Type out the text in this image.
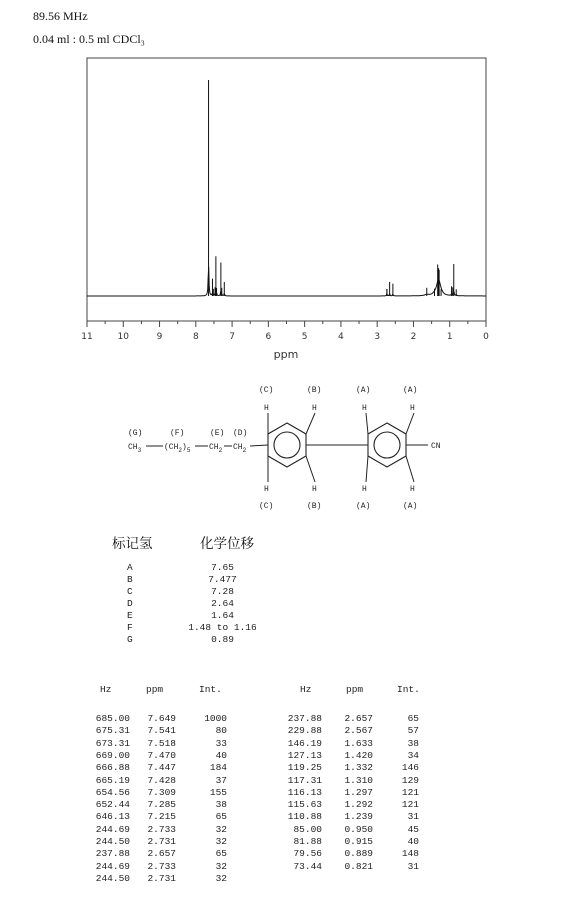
89.56 MHz
0.04 ml : 0.5 ml CDCl₃
11	10	9	8	7	6	5	4	3	2	1	0
ppm
CN
H	H	H	H
H	H	H	H
(C)	(B)	(A)	(A)
(C)	(B)	(A)	(A)
(G)	(F)	(E) (D)
$CH_3$	$(CH_2)_5$ $CH_2$ $CH_2$
标记氢	化学位移
A	7.65
B	7.477
C	7.28
D	2.64
E	1.64
F	1.48 to 1.16
G	0.89
Hz	ppm	Int.	Hz	ppm	Int.
685.00	7.649	1000
675.31	7.541	80
673.31	7.518	33
669.00	7.470	40
666.88	7.447	184
665.19	7.428	37
654.56	7.309	155
652.44	7.285	38
646.13	7.215	65
244.69	2.733	32
244.50	2.731	32
237.88	2.657	65
244.69	2.733	32
244.50	2.731	32
237.88	2.657	65
229.88	2.567	57
146.19	1.633	38
127.13	1.420	34
119.25	1.332	146
117.31	1.310	129
116.13	1.297	121
115.63	1.292	121
110.88	1.239	31
85.00	0.950	45
81.88	0.915	40
79.56	0.889	148
73.44	0.821	31
